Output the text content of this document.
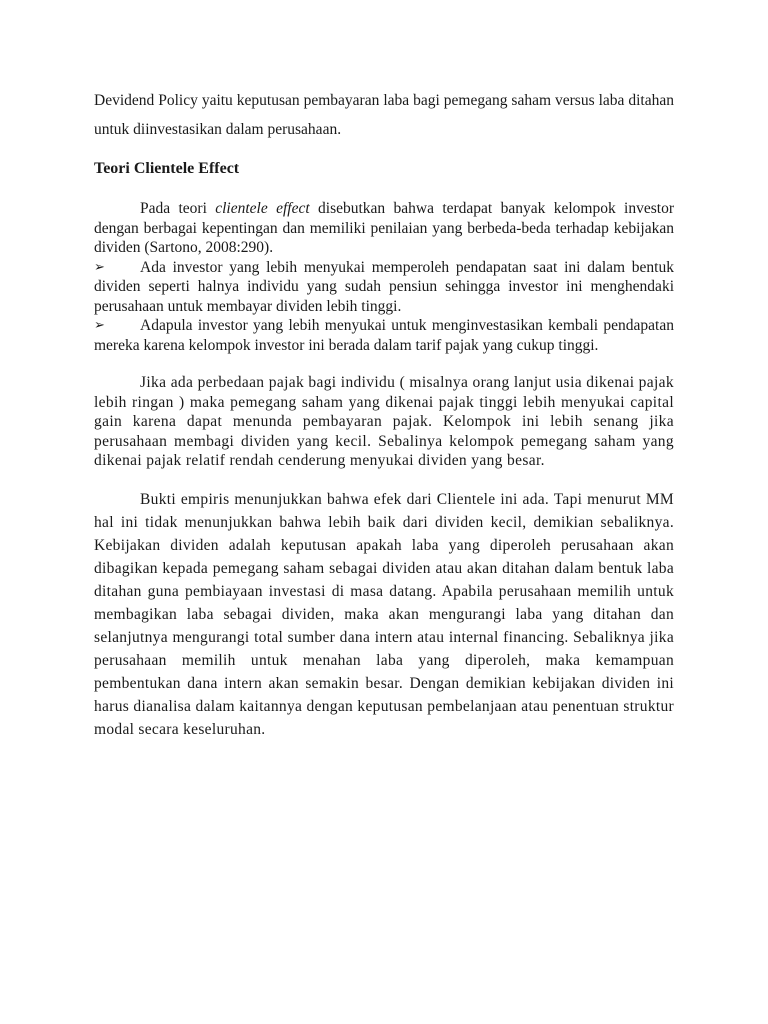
Devidend Policy yaitu keputusan pembayaran laba bagi pemegang saham versus laba ditahan untuk diinvestasikan dalam perusahaan.

Teori Clientele Effect

Pada teori clientele effect disebutkan bahwa terdapat banyak kelompok investor dengan berbagai kepentingan dan memiliki penilaian yang berbeda-beda terhadap kebijakan dividen (Sartono, 2008:290).

➢ Ada investor yang lebih menyukai memperoleh pendapatan saat ini dalam bentuk dividen seperti halnya individu yang sudah pensiun sehingga investor ini menghendaki perusahaan untuk membayar dividen lebih tinggi.

➢ Adapula investor yang lebih menyukai untuk menginvestasikan kembali pendapatan mereka karena kelompok investor ini berada dalam tarif pajak yang cukup tinggi.

Jika ada perbedaan pajak bagi individu ( misalnya orang lanjut usia dikenai pajak lebih ringan ) maka pemegang saham yang dikenai pajak tinggi lebih menyukai capital gain karena dapat menunda pembayaran pajak. Kelompok ini lebih senang jika perusahaan membagi dividen yang kecil. Sebalinya kelompok pemegang saham yang dikenai pajak relatif rendah cenderung menyukai dividen yang besar.

Bukti empiris menunjukkan bahwa efek dari Clientele ini ada. Tapi menurut MM hal ini tidak menunjukkan bahwa lebih baik dari dividen kecil, demikian sebaliknya. Kebijakan dividen adalah keputusan apakah laba yang diperoleh perusahaan akan dibagikan kepada pemegang saham sebagai dividen atau akan ditahan dalam bentuk laba ditahan guna pembiayaan investasi di masa datang. Apabila perusahaan memilih untuk membagikan laba sebagai dividen, maka akan mengurangi laba yang ditahan dan selanjutnya mengurangi total sumber dana intern atau internal financing. Sebaliknya jika perusahaan memilih untuk menahan laba yang diperoleh, maka kemampuan pembentukan dana intern akan semakin besar. Dengan demikian kebijakan dividen ini harus dianalisa dalam kaitannya dengan keputusan pembelanjaan atau penentuan struktur modal secara keseluruhan.
